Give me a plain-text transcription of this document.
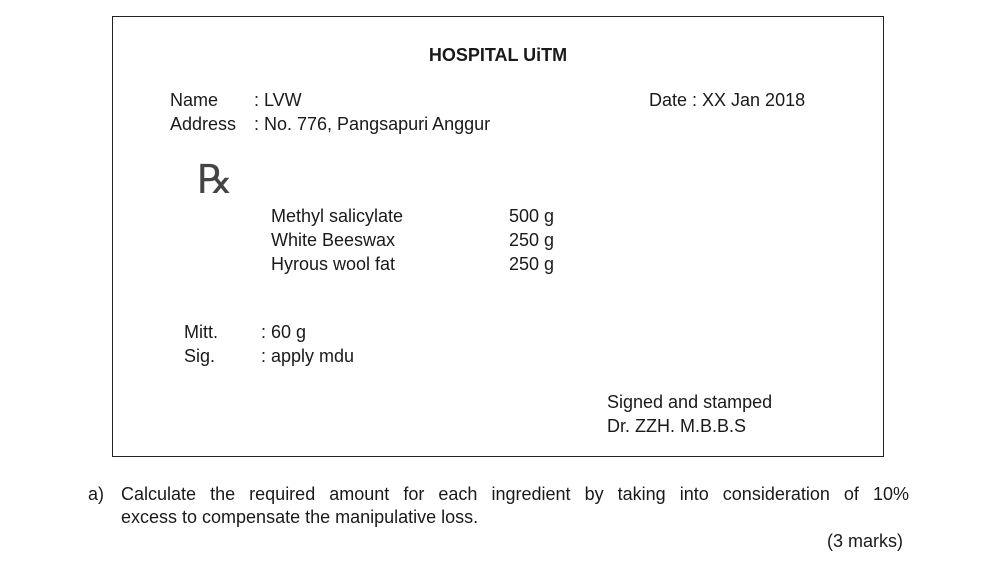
HOSPITAL UiTM
Name : LVW
Address : No. 776, Pangsapuri Anggur
Date : XX Jan 2018
℞
Methyl salicylate	500 g
White Beeswax	250 g
Hyrous wool fat	250 g
Mitt. : 60 g
Sig.	: apply mdu
Signed and stamped
Dr. ZZH. M.B.B.S
a) Calculate the required amount for each ingredient by taking into consideration of 10%
excess to compensate the manipulative loss.
(3 marks)
